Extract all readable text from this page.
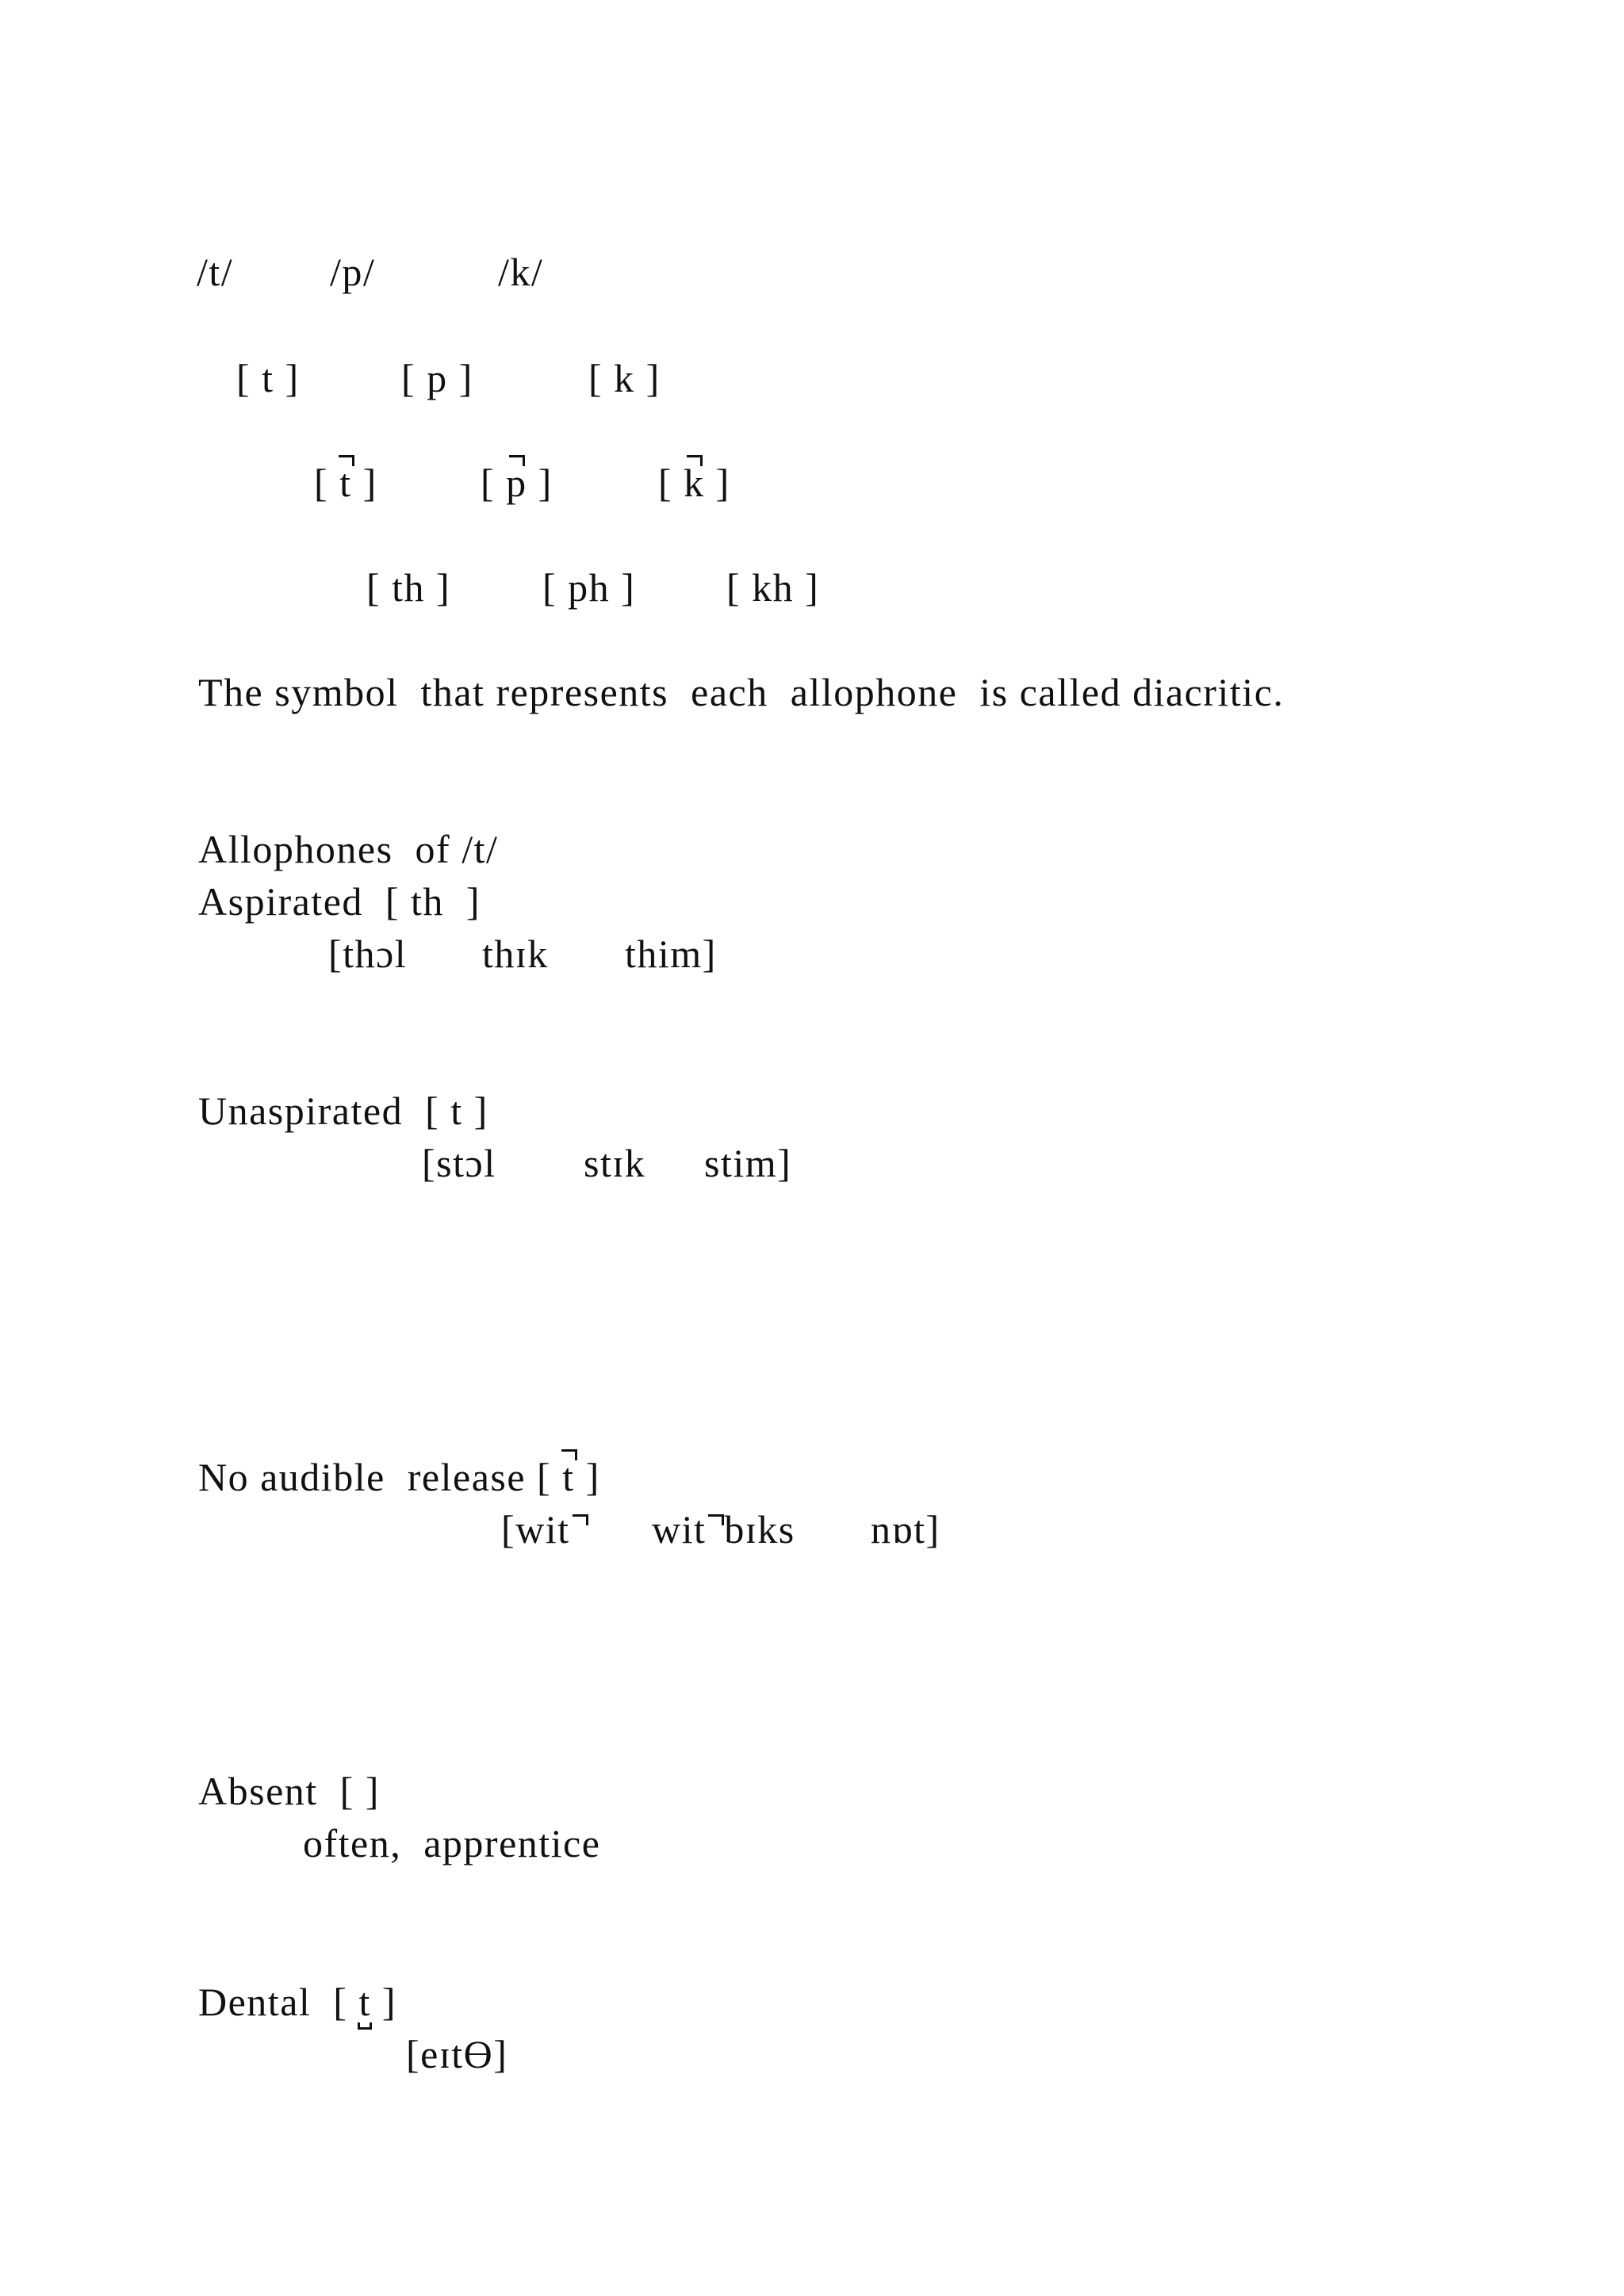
/t/ /p/	/k/
[ t ]	[ p ]	[ k ]
[ t ]	[ p ]	[ k ]
[ th ] [ ph ] [ kh ]
The symbol  that represents  each  allophone  is called diacritic.
Allophones  of /t/
Aspirated  [ th  ]
[thɔl thɪk thim]
Unaspirated  [ t ]
[stɔl stɪk stim]
No audible  release [ t ]
[wit	wit bɪks nɒt]
Absent  [ ]
often,  apprentice
Dental  [ t ]
[eɪtϴ]
